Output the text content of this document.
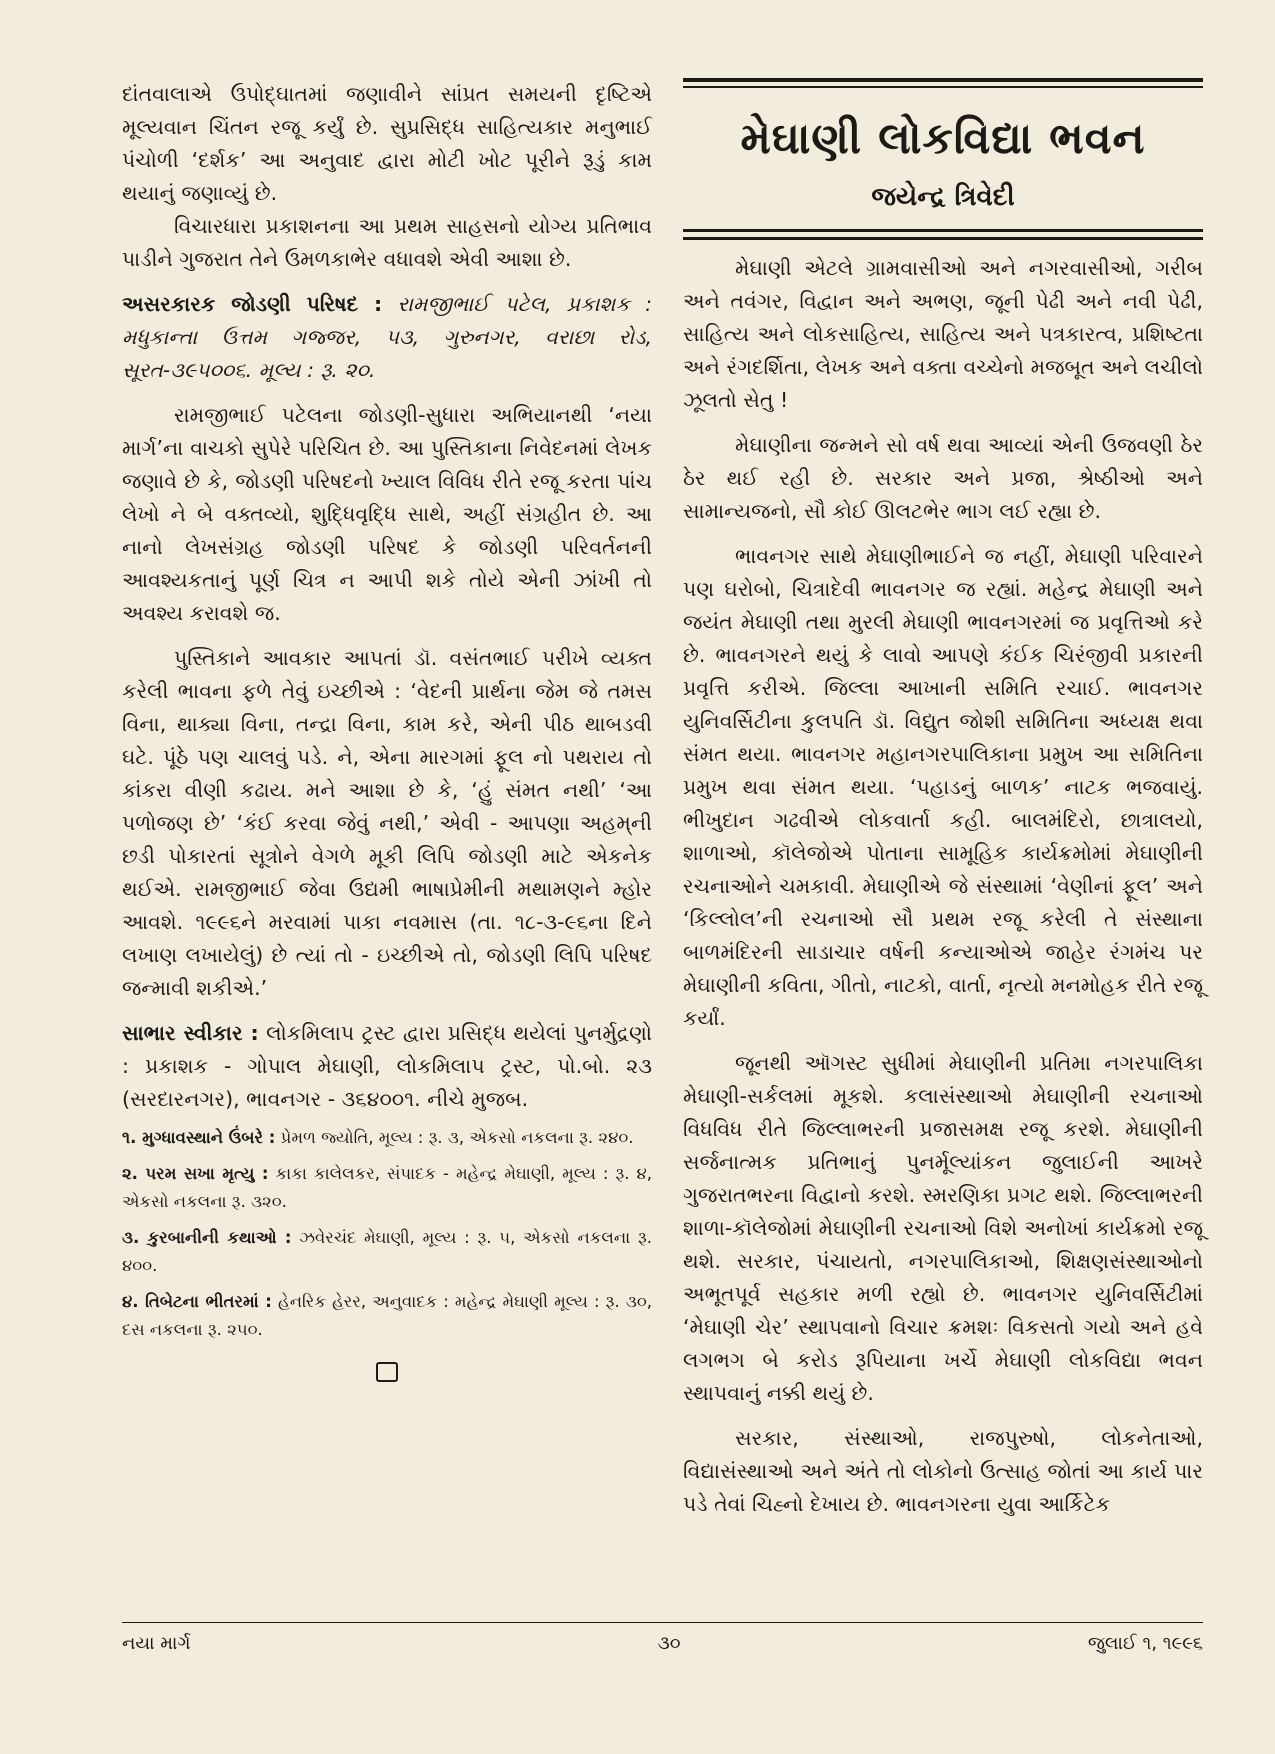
દાંતવાલાએ ઉપોદ્ઘાતમાં જણાવીને સાંપ્રત સમયની દૃષ્ટિએ મૂલ્યવાન ચિંતન રજૂ કર્યું છે. સુપ્રસિદ્ધ સાહિત્યકાર મનુભાઈ પંચોળી ‘દર્શક’ આ અનુવાદ દ્વારા મોટી ખોટ પૂરીને રૂડું કામ થયાનું જણાવ્યું છે.

વિચારધારા પ્રકાશનના આ પ્રથમ સાહસનો યોગ્ય પ્રતિભાવ પાડીને ગુજરાત તેને ઉમળકાભેર વધાવશે એવી આશા છે.

અસરકારક જોડણી પરિષદ : રામજીભાઈ પટેલ, પ્રકાશક : મધુકાન્તા ઉત્તમ ગજ્જર, ૫૩, ગુરુનગર, વરાછા રોડ, સૂરત-૩૯૫૦૦૬. મૂલ્ય : રૂ. ૨૦.

રામજીભાઈ પટેલના જોડણી-સુધારા અભિયાનથી ‘નયા માર્ગ’ના વાચકો સુપેરે પરિચિત છે. આ પુસ્તિકાના નિવેદનમાં લેખક જણાવે છે કે, જોડણી પરિષદનો ખ્યાલ વિવિધ રીતે રજૂ કરતા પાંચ લેખો ને બે વક્તવ્યો, શુદ્ધિવૃદ્ધિ સાથે, અહીં સંગ્રહીત છે. આ નાનો લેખસંગ્રહ જોડણી પરિષદ કે જોડણી પરિવર્તનની આવશ્યકતાનું પૂર્ણ ચિત્ર ન આપી શકે તોયે એની ઝાંખી તો અવશ્ય કરાવશે જ.

પુસ્તિકાને આવકાર આપતાં ડૉ. વસંતભાઈ પરીખે વ્યક્ત કરેલી ભાવના ફળે તેવું ઇચ્છીએ : ‘વેદની પ્રાર્થના જેમ જે તમસ વિના, થાક્યા વિના, તન્દ્રા વિના, કામ કરે, એની પીઠ થાબડવી ઘટે. પૂંઠે પણ ચાલવું પડે. ને, એના મારગમાં ફૂલ નો પથરાય તો કાંકરા વીણી કઢાય. મને આશા છે કે, ‘હું સંમત નથી’ ‘આ પળોજણ છે’ ‘કંઈ કરવા જેવું નથી,’ એવી - આપણા અહમ્‌ની છડી પોકારતાં સૂત્રોને વેગળે મૂકી લિપિ જોડણી માટે એકનેક થઈએ. રામજીભાઈ જેવા ઉદ્યમી ભાષાપ્રેમીની મથામણને મ્હોર આવશે. ૧૯૯૬ને મરવામાં પાકા નવમાસ (તા. ૧૮-૩-૯૬ના દિને લખાણ લખાયેલું) છે ત્યાં તો - ઇચ્છીએ તો, જોડણી લિપિ પરિષદ જન્માવી શકીએ.’

સાભાર સ્વીકાર : લોકમિલાપ ટ્રસ્ટ દ્વારા પ્રસિદ્ધ થયેલાં પુનર્મુદ્રણો : પ્રકાશક - ગોપાલ મેઘાણી, લોકમિલાપ ટ્રસ્ટ, પો.બો. ૨૩ (સરદારનગર), ભાવનગર - ૩૬૪૦૦૧. નીચે મુજબ.

૧. મુગ્ધાવસ્થાને ઉંબરે : પ્રેમળ જ્યોતિ, મૂલ્ય : રૂ. ૩, એકસો નકલના રૂ. ૨૪૦.

૨. પરમ સખા મૃત્યુ : કાકા કાલેલકર, સંપાદક - મહેન્દ્ર મેઘાણી, મૂલ્ય : રૂ. ૪, એકસો નકલના રૂ. ૩૨૦.

૩. કુરબાનીની કથાઓ : ઝવેરચંદ મેઘાણી, મૂલ્ય : રૂ. ૫, એકસો નકલના રૂ. ૪૦૦.

૪. તિબેટના ભીતરમાં : હેનરિક હેરર, અનુવાદક : મહેન્દ્ર મેઘાણી મૂલ્ય : રૂ. ૩૦, દસ નકલના રૂ. ૨૫૦.

મેઘાણી લોકવિદ્યા ભવન
જયેન્દ્ર ત્રિવેદી

મેઘાણી એટલે ગ્રામવાસીઓ અને નગરવાસીઓ, ગરીબ અને તવંગર, વિદ્વાન અને અભણ, જૂની પેઢી અને નવી પેઢી, સાહિત્ય અને લોકસાહિત્ય, સાહિત્ય અને પત્રકારત્વ, પ્રશિષ્ટતા અને રંગદર્શિતા, લેખક અને વક્તા વચ્ચેનો મજબૂત અને લચીલો ઝૂલતો સેતુ !

મેઘાણીના જન્મને સો વર્ષ થવા આવ્યાં એની ઉજવણી ઠેર ઠેર થઈ રહી છે. સરકાર અને પ્રજા, શ્રેષ્ઠીઓ અને સામાન્યજનો, સૌ કોઈ ઊલટભેર ભાગ લઈ રહ્યા છે.

ભાવનગર સાથે મેઘાણીભાઈને જ નહીં, મેઘાણી પરિવારને પણ ઘરોબો, ચિત્રાદેવી ભાવનગર જ રહ્યાં. મહેન્દ્ર મેઘાણી અને જયંત મેઘાણી તથા મુરલી મેઘાણી ભાવનગરમાં જ પ્રવૃત્તિઓ કરે છે. ભાવનગરને થયું કે લાવો આપણે કંઈક ચિરંજીવી પ્રકારની પ્રવૃત્તિ કરીએ. જિલ્લા આખાની સમિતિ રચાઈ. ભાવનગર યુનિવર્સિટીના કુલપતિ ડૉ. વિદ્યુત જોશી સમિતિના અધ્યક્ષ થવા સંમત થયા. ભાવનગર મહાનગરપાલિકાના પ્રમુખ આ સમિતિના પ્રમુખ થવા સંમત થયા. ‘પહાડનું બાળક’ નાટક ભજવાયું. ભીખુદાન ગઢવીએ લોકવાર્તા કહી. બાલમંદિરો, છાત્રાલયો, શાળાઓ, કૉલેજોએ પોતાના સામૂહિક કાર્યક્રમોમાં મેઘાણીની રચનાઓને ચમકાવી. મેઘાણીએ જે સંસ્થામાં ‘વેણીનાં ફૂલ’ અને ‘કિલ્લોલ’ની રચનાઓ સૌ પ્રથમ રજૂ કરેલી તે સંસ્થાના બાળમંદિરની સાડાચાર વર્ષની કન્યાઓએ જાહેર રંગમંચ પર મેઘાણીની કવિતા, ગીતો, નાટકો, વાર્તા, નૃત્યો મનમોહક રીતે રજૂ કર્યાં.

જૂનથી ઑગસ્ટ સુધીમાં મેઘાણીની પ્રતિમા નગરપાલિકા મેઘાણી-સર્કલમાં મૂકશે. કલાસંસ્થાઓ મેઘાણીની રચનાઓ વિધવિધ રીતે જિલ્લાભરની પ્રજાસમક્ષ રજૂ કરશે. મેઘાણીની સર્જનાત્મક પ્રતિભાનું પુનર્મૂલ્યાંકન જુલાઈની આખરે ગુજરાતભરના વિદ્વાનો કરશે. સ્મરણિકા પ્રગટ થશે. જિલ્લાભરની શાળા-કૉલેજોમાં મેઘાણીની રચનાઓ વિશે અનોખાં કાર્યક્રમો રજૂ થશે. સરકાર, પંચાયતો, નગરપાલિકાઓ, શિક્ષણસંસ્થાઓનો અભૂતપૂર્વ સહકાર મળી રહ્યો છે. ભાવનગર યુનિવર્સિટીમાં ‘મેઘાણી ચેર’ સ્થાપવાનો વિચાર ક્રમશઃ વિકસતો ગયો અને હવે લગભગ બે કરોડ રૂપિયાના ખર્ચે મેઘાણી લોકવિદ્યા ભવન સ્થાપવાનું નક્કી થયું છે.

સરકાર, સંસ્થાઓ, રાજપુરુષો, લોકનેતાઓ, વિદ્યાસંસ્થાઓ અને અંતે તો લોકોનો ઉત્સાહ જોતાં આ કાર્ય પાર પડે તેવાં ચિહ્નો દેખાય છે. ભાવનગરના યુવા આર્કિટેક

નયા માર્ગ	૩૦	જુલાઈ ૧, ૧૯૯૬
